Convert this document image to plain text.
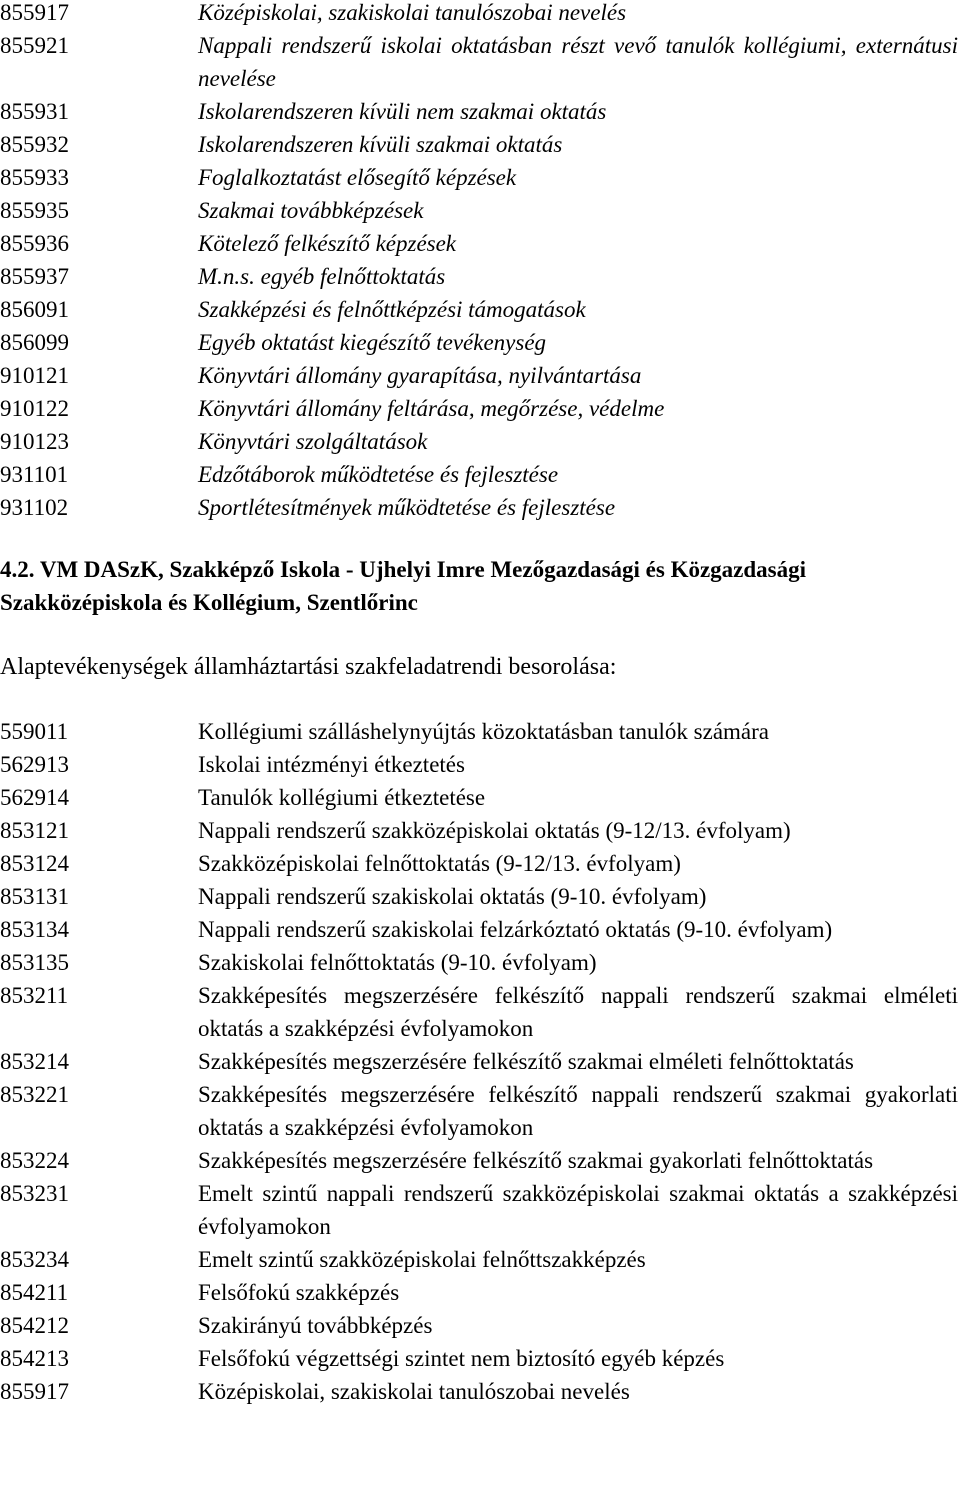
855917	Középiskolai, szakiskolai tanulószobai nevelés
855921	Nappali rendszerű iskolai oktatásban részt vevő tanulók kollégiumi, externátusi nevelése
855931	Iskolarendszeren kívüli nem szakmai oktatás
855932	Iskolarendszeren kívüli szakmai oktatás
855933	Foglalkoztatást elősegítő képzések
855935	Szakmai továbbképzések
855936	Kötelező felkészítő képzések
855937	M.n.s. egyéb felnőttoktatás
856091	Szakképzési és felnőttképzési támogatások
856099	Egyéb oktatást kiegészítő tevékenység
910121	Könyvtári állomány gyarapítása, nyilvántartása
910122	Könyvtári állomány feltárása, megőrzése, védelme
910123	Könyvtári szolgáltatások
931101	Edzőtáborok működtetése és fejlesztése
931102	Sportlétesítmények működtetése és fejlesztése
4.2. VM DASzK, Szakképző Iskola - Ujhelyi Imre Mezőgazdasági és Közgazdasági Szakközépiskola és Kollégium, Szentlőrinc
Alaptevékenységek államháztartási szakfeladatrendi besorolása:
559011	Kollégiumi szálláshelynyújtás közoktatásban tanulók számára
562913	Iskolai intézményi étkeztetés
562914	Tanulók kollégiumi étkeztetése
853121	Nappali rendszerű szakközépiskolai oktatás (9-12/13. évfolyam)
853124	Szakközépiskolai felnőttoktatás (9-12/13. évfolyam)
853131	Nappali rendszerű szakiskolai oktatás (9-10. évfolyam)
853134	Nappali rendszerű szakiskolai felzárkóztató oktatás (9-10. évfolyam)
853135	Szakiskolai felnőttoktatás (9-10. évfolyam)
853211	Szakképesítés megszerzésére felkészítő nappali rendszerű szakmai elméleti oktatás a szakképzési évfolyamokon
853214	Szakképesítés megszerzésére felkészítő szakmai elméleti felnőttoktatás
853221	Szakképesítés megszerzésére felkészítő nappali rendszerű szakmai gyakorlati oktatás a szakképzési évfolyamokon
853224	Szakképesítés megszerzésére felkészítő szakmai gyakorlati felnőttoktatás
853231	Emelt szintű nappali rendszerű szakközépiskolai szakmai oktatás a szakképzési évfolyamokon
853234	Emelt szintű szakközépiskolai felnőttszakképzés
854211	Felsőfokú szakképzés
854212	Szakirányú továbbképzés
854213	Felsőfokú végzettségi szintet nem biztosító egyéb képzés
855917	Középiskolai, szakiskolai tanulószobai nevelés
